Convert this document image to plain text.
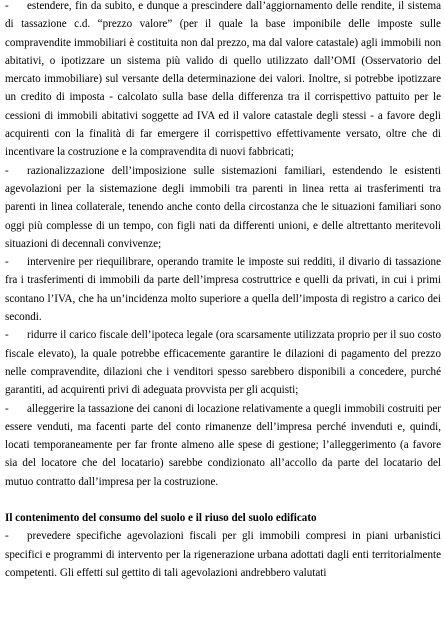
- estendere, fin da subito, e dunque a prescindere dall’aggiornamento delle rendite, il sistema di tassazione c.d. “prezzo valore” (per il quale la base imponibile delle imposte sulle compravendite immobiliari è costituita non dal prezzo, ma dal valore catastale) agli immobili non abitativi, o ipotizzare un sistema più valido di quello utilizzato dall’OMI (Osservatorio del mercato immobiliare) sul versante della determinazione dei valori. Inoltre, si potrebbe ipotizzare un credito di imposta - calcolato sulla base della differenza tra il corrispettivo pattuito per le cessioni di immobili abitativi soggette ad IVA ed il valore catastale degli stessi - a favore degli acquirenti con la finalità di far emergere il corrispettivo effettivamente versato, oltre che di incentivare la costruzione e la compravendita di nuovi fabbricati;

- razionalizzazione dell’imposizione sulle sistemazioni familiari, estendendo le esistenti agevolazioni per la sistemazione degli immobili tra parenti in linea retta ai trasferimenti tra parenti in linea collaterale, tenendo anche conto della circostanza che le situazioni familiari sono oggi più complesse di un tempo, con figli nati da differenti unioni, e delle altrettanto meritevoli situazioni di decennali convivenze;

- intervenire per riequilibrare, operando tramite le imposte sui redditi, il divario di tassazione fra i trasferimenti di immobili da parte dell’impresa costruttrice e quelli da privati, in cui i primi scontano l’IVA, che ha un’incidenza molto superiore a quella dell’imposta di registro a carico dei secondi.

- ridurre il carico fiscale dell’ipoteca legale (ora scarsamente utilizzata proprio per il suo costo fiscale elevato), la quale potrebbe efficacemente garantire le dilazioni di pagamento del prezzo nelle compravendite, dilazioni che i venditori spesso sarebbero disponibili a concedere, purché garantiti, ad acquirenti privi di adeguata provvista per gli acquisti;

- alleggerire la tassazione dei canoni di locazione relativamente a quegli immobili costruiti per essere venduti, ma facenti parte del conto rimanenze dell’impresa perché invenduti e, quindi, locati temporaneamente per far fronte almeno alle spese di gestione; l’alleggerimento (a favore sia del locatore che del locatario) sarebbe condizionato all’accollo da parte del locatario del mutuo contratto dall’impresa per la costruzione.

Il contenimento del consumo del suolo e il riuso del suolo edificato

- prevedere specifiche agevolazioni fiscali per gli immobili compresi in piani urbanistici specifici e programmi di intervento per la rigenerazione urbana adottati dagli enti territorialmente competenti. Gli effetti sul gettito di tali agevolazioni andrebbero valutati
